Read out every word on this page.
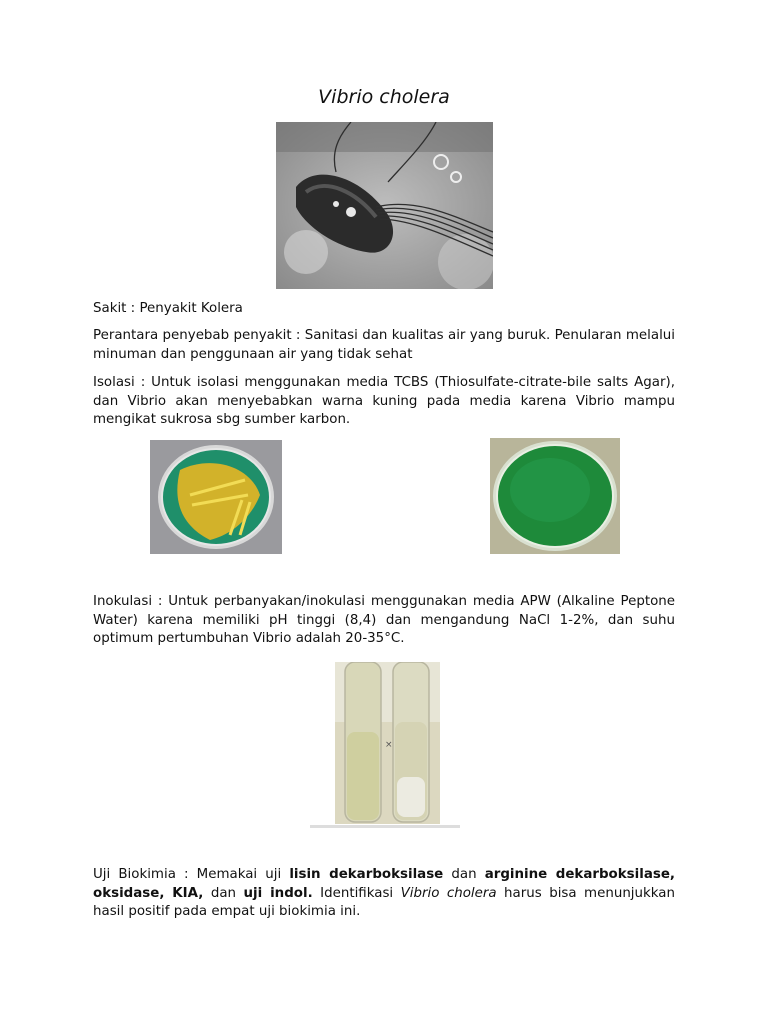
Vibrio cholera
Sakit : Penyakit Kolera
Perantara penyebab penyakit : Sanitasi dan kualitas air yang buruk. Penularan melalui minuman dan penggunaan air yang tidak sehat
Isolasi : Untuk isolasi menggunakan media TCBS (Thiosulfate-citrate-bile salts Agar), dan Vibrio akan menyebabkan warna kuning pada media karena Vibrio mampu mengikat sukrosa sbg sumber karbon.
Inokulasi : Untuk perbanyakan/inokulasi menggunakan media APW (Alkaline Peptone Water) karena memiliki pH tinggi (8,4) dan mengandung NaCl 1-2%, dan suhu optimum pertumbuhan Vibrio adalah 20-35°C.
×
Uji Biokimia : Memakai uji lisin dekarboksilase dan arginine dekarboksilase, oksidase, KIA, dan uji indol. Identifikasi Vibrio cholera harus bisa menunjukkan hasil positif pada empat uji biokimia ini.
